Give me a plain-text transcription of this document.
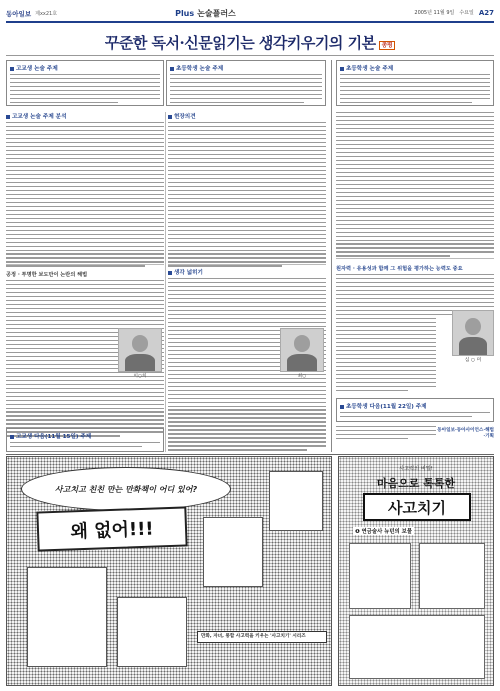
동아일보 제xx21호	Plus 논술플러스	2005년 11월 9일 수요일 A27
꾸준한 독서·신문읽기는 생각키우기의 기본 총평
고교생 논술 주제	초등학생 논술 주제
고교생 논술 주제 분석
공정 · 투명한 보도만이 논란의 해법
이○희
고교생 다음(11월 15일) 주제
현장의견
생각 넓히기
최○
초등학생 논술 주제
원자력 · 유용성과 함께 그 위험을 평가하는 능력도 중요
심 ○ 미
초등학생 다음(11월 22일) 주제
동아일보·동아사이언스·해법·기획
사고치고 친친 만는 만화책이 어디 있어?
왜 없어!!!
만화, 자녀, 통합 사고력을 키우는 '사고치기' 시리즈
사고력의 비밀!
마음으로 톡톡한
사고치기
❶ 연금술사 뉴턴의 보물
